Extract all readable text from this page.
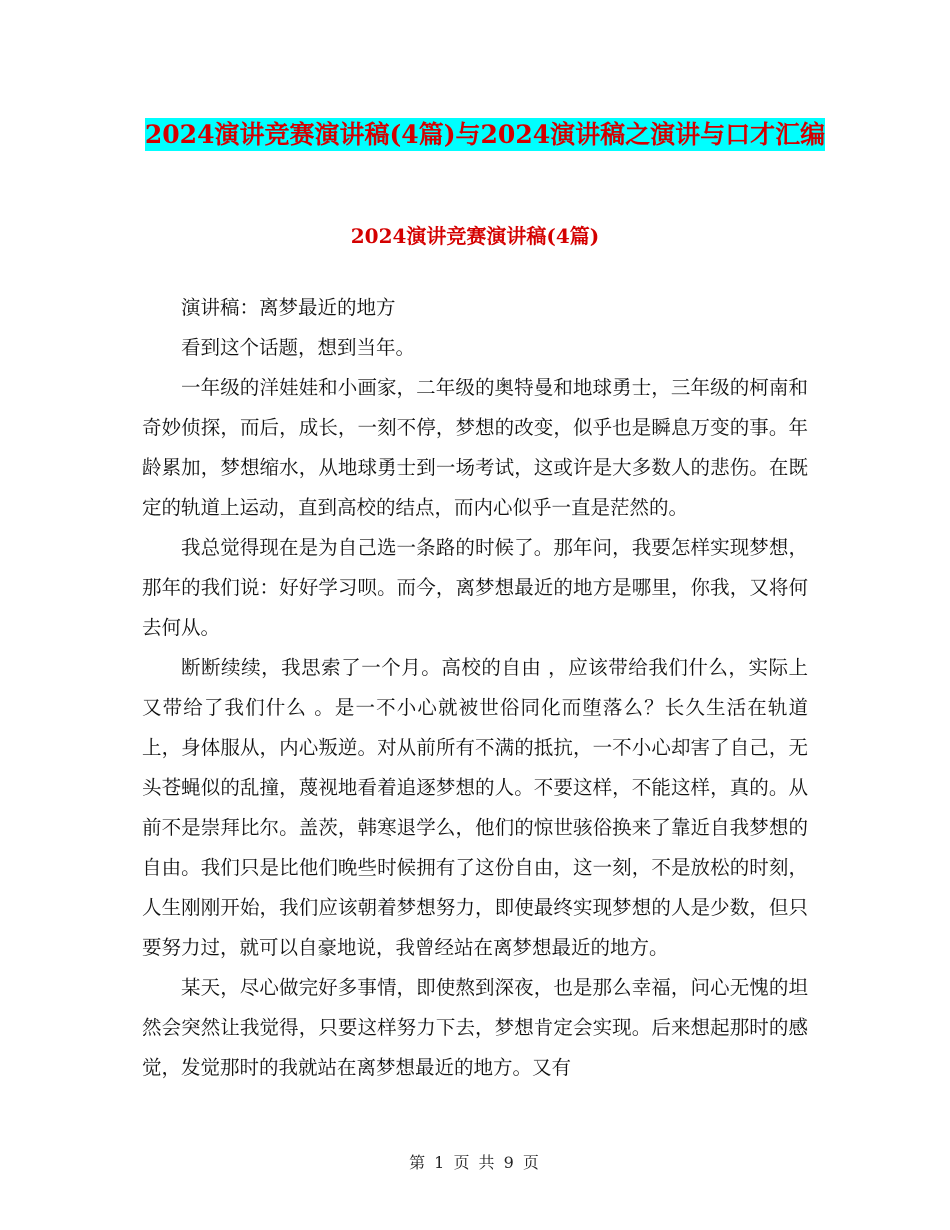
2024演讲竞赛演讲稿(4篇)与2024演讲稿之演讲与口才汇编
2024演讲竞赛演讲稿(4篇)

演讲稿：离梦最近的地方

看到这个话题，想到当年。

一年级的洋娃娃和小画家，二年级的奥特曼和地球勇士，三年级的柯南和奇妙侦探，而后，成长，一刻不停，梦想的改变，似乎也是瞬息万变的事。年龄累加，梦想缩水，从地球勇士到一场考试，这或许是大多数人的悲伤。在既定的轨道上运动，直到高校的结点，而内心似乎一直是茫然的。

我总觉得现在是为自己选一条路的时候了。那年问，我要怎样实现梦想，那年的我们说：好好学习呗。而今，离梦想最近的地方是哪里，你我，又将何去何从。

断断续续，我思索了一个月。高校的自由 ，应该带给我们什么，实际上又带给了我们什么 。是一不小心就被世俗同化而堕落么？长久生活在轨道上，身体服从，内心叛逆。对从前所有不满的抵抗，一不小心却害了自己，无头苍蝇似的乱撞，蔑视地看着追逐梦想的人。不要这样，不能这样，真的。从前不是崇拜比尔。盖茨，韩寒退学么，他们的惊世骇俗换来了靠近自我梦想的自由。我们只是比他们晚些时候拥有了这份自由，这一刻，不是放松的时刻，人生刚刚开始，我们应该朝着梦想努力，即使最终实现梦想的人是少数，但只要努力过，就可以自豪地说，我曾经站在离梦想最近的地方。

某天，尽心做完好多事情，即使熬到深夜，也是那么幸福，问心无愧的坦然会突然让我觉得，只要这样努力下去，梦想肯定会实现。后来想起那时的感觉，发觉那时的我就站在离梦想最近的地方。又有

第 1 页 共 9 页
